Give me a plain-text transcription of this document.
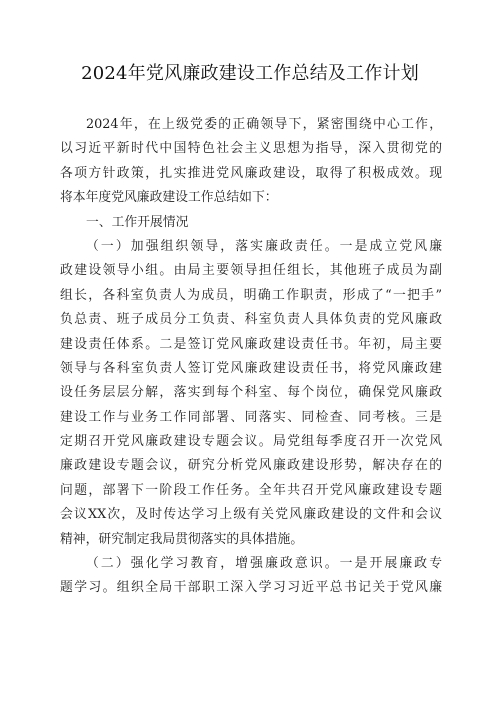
2024年党风廉政建设工作总结及工作计划
2024年，在上级党委的正确领导下，紧密围绕中心工作，
以习近平新时代中国特色社会主义思想为指导，深入贯彻党的
各项方针政策，扎实推进党风廉政建设，取得了积极成效。现
将本年度党风廉政建设工作总结如下：
一、工作开展情况
（一）加强组织领导，落实廉政责任。一是成立党风廉
政建设领导小组。由局主要领导担任组长，其他班子成员为副
组长，各科室负责人为成员，明确工作职责，形成了“一把手”
负总责、班子成员分工负责、科室负责人具体负责的党风廉政
建设责任体系。二是签订党风廉政建设责任书。年初，局主要
领导与各科室负责人签订党风廉政建设责任书，将党风廉政建
设任务层层分解，落实到每个科室、每个岗位，确保党风廉政
建设工作与业务工作同部署、同落实、同检查、同考核。三是
定期召开党风廉政建设专题会议。局党组每季度召开一次党风
廉政建设专题会议，研究分析党风廉政建设形势，解决存在的
问题，部署下一阶段工作任务。全年共召开党风廉政建设专题
会议XX次，及时传达学习上级有关党风廉政建设的文件和会议
精神，研究制定我局贯彻落实的具体措施。
（二）强化学习教育，增强廉政意识。一是开展廉政专
题学习。组织全局干部职工深入学习习近平总书记关于党风廉
